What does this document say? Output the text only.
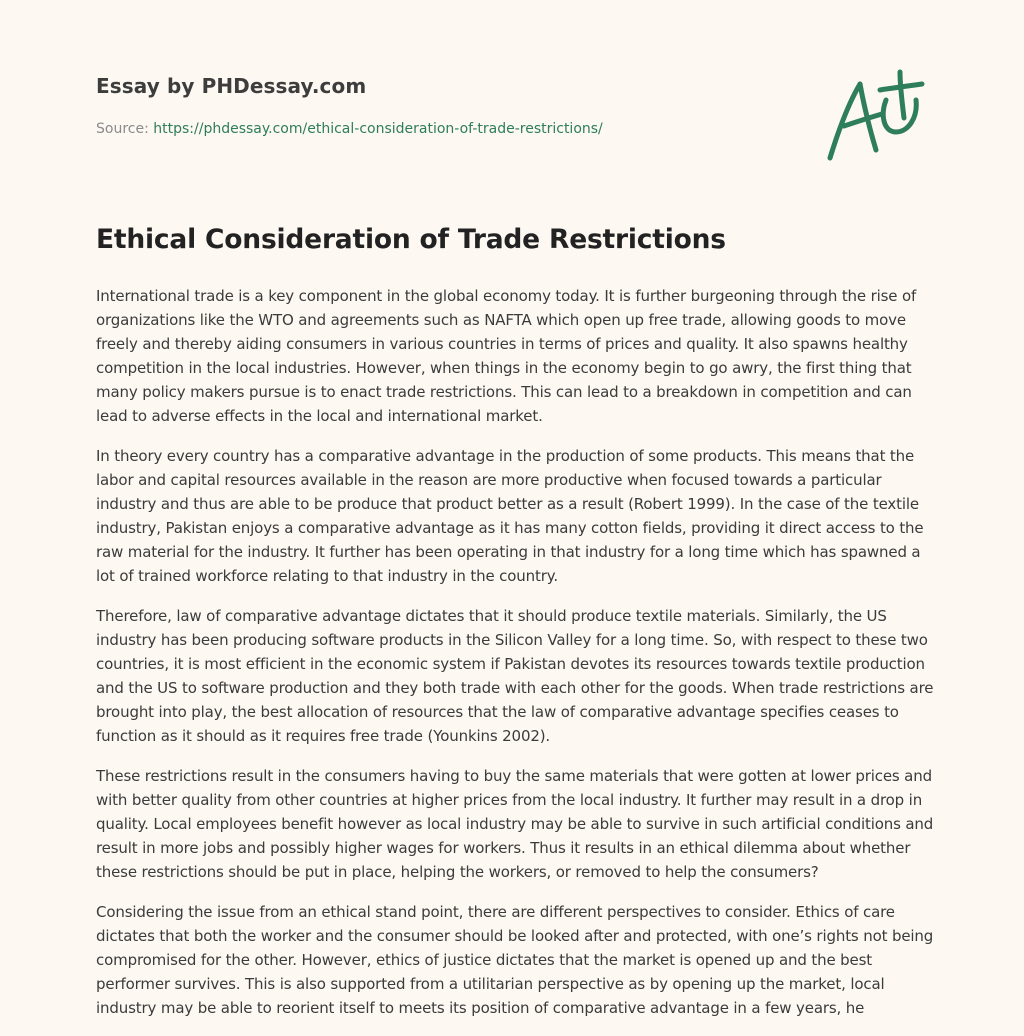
Essay by PHDessay.com
Source: https://phdessay.com/ethical-consideration-of-trade-restrictions/
Ethical Consideration of Trade Restrictions

International trade is a key component in the global economy today. It is further burgeoning through the rise of organizations like the WTO and agreements such as NAFTA which open up free trade, allowing goods to move freely and thereby aiding consumers in various countries in terms of prices and quality. It also spawns healthy competition in the local industries. However, when things in the economy begin to go awry, the first thing that many policy makers pursue is to enact trade restrictions. This can lead to a breakdown in competition and can lead to adverse effects in the local and international market.

In theory every country has a comparative advantage in the production of some products. This means that the labor and capital resources available in the reason are more productive when focused towards a particular industry and thus are able to be produce that product better as a result (Robert 1999). In the case of the textile industry, Pakistan enjoys a comparative advantage as it has many cotton fields, providing it direct access to the raw material for the industry. It further has been operating in that industry for a long time which has spawned a lot of trained workforce relating to that industry in the country.

Therefore, law of comparative advantage dictates that it should produce textile materials. Similarly, the US industry has been producing software products in the Silicon Valley for a long time. So, with respect to these two countries, it is most efficient in the economic system if Pakistan devotes its resources towards textile production and the US to software production and they both trade with each other for the goods. When trade restrictions are brought into play, the best allocation of resources that the law of comparative advantage specifies ceases to function as it should as it requires free trade (Younkins 2002).

These restrictions result in the consumers having to buy the same materials that were gotten at lower prices and with better quality from other countries at higher prices from the local industry. It further may result in a drop in quality. Local employees benefit however as local industry may be able to survive in such artificial conditions and result in more jobs and possibly higher wages for workers. Thus it results in an ethical dilemma about whether these restrictions should be put in place, helping the workers, or removed to help the consumers?

Considering the issue from an ethical stand point, there are different perspectives to consider. Ethics of care dictates that both the worker and the consumer should be looked after and protected, with one’s rights not being compromised for the other. However, ethics of justice dictates that the market is opened up and the best performer survives. This is also supported from a utilitarian perspective as by opening up the market, local industry may be able to reorient itself to meets its position of comparative advantage in a few years, he
